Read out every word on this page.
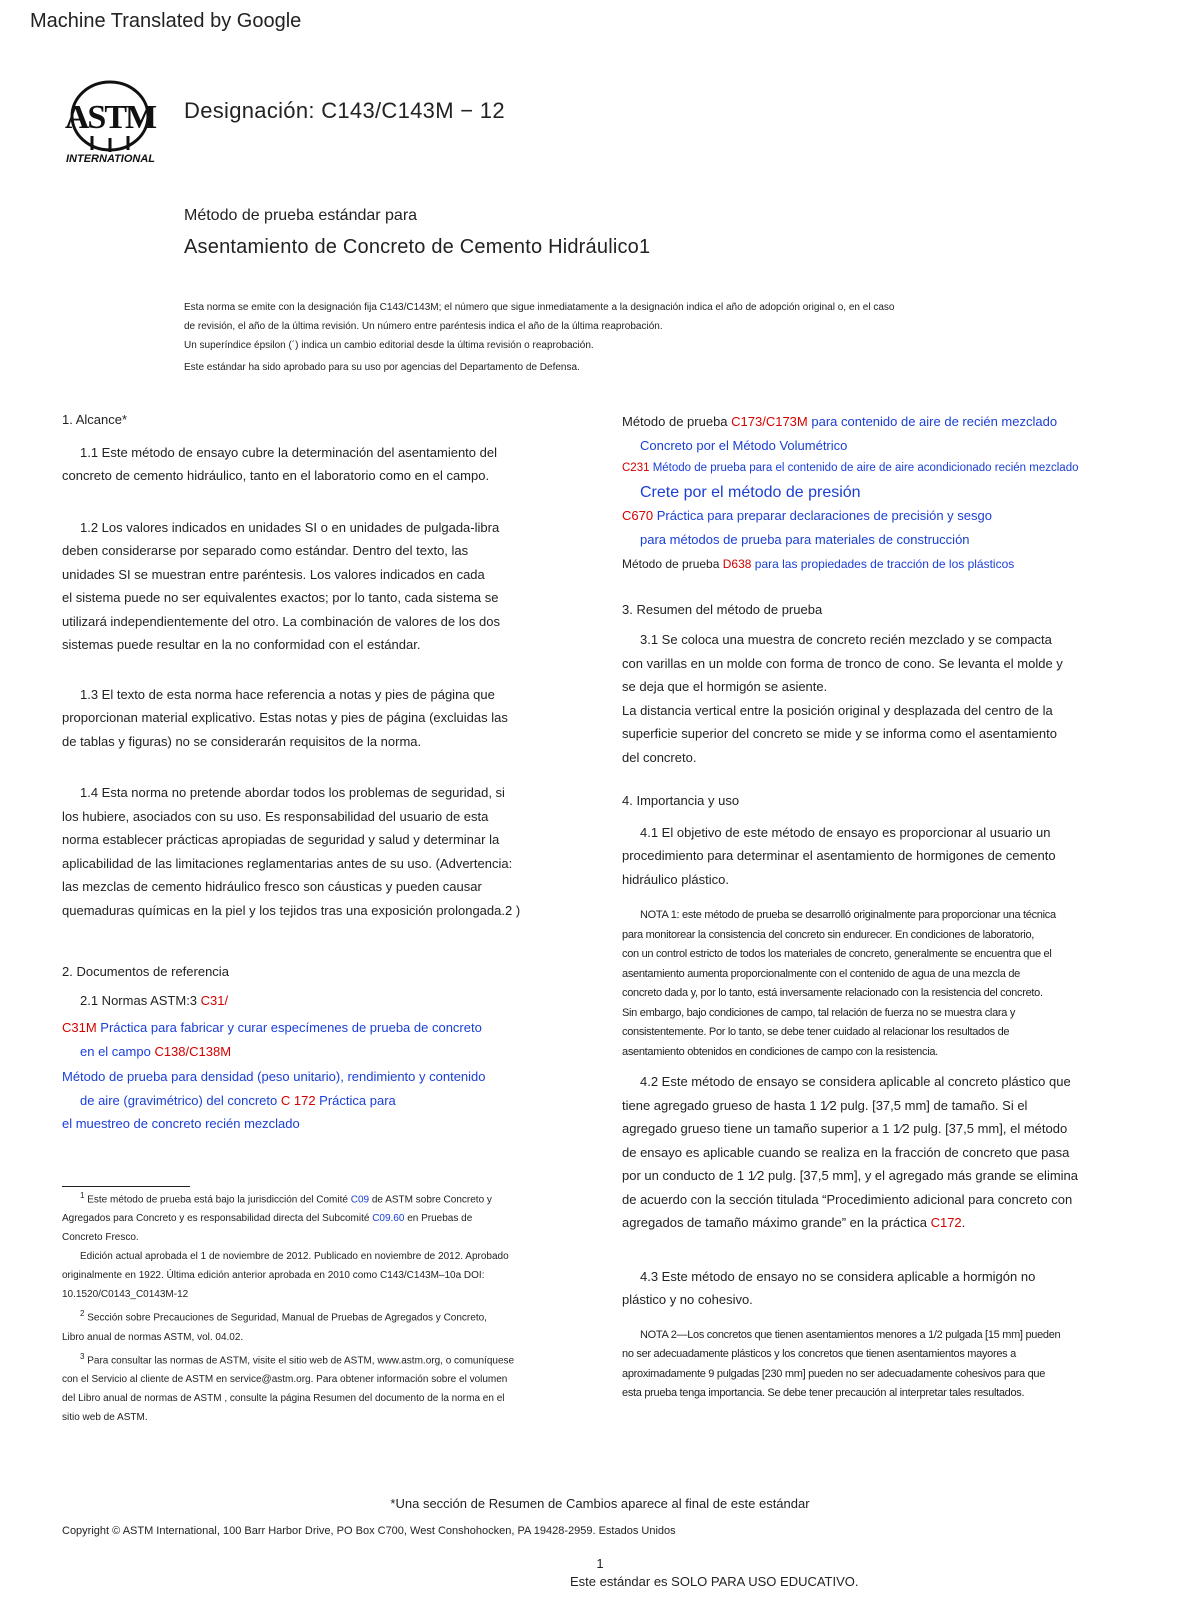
Machine Translated by Google
ASTM
INTERNATIONAL
Designación: C143/C143M − 12
Método de prueba estándar para
Asentamiento de Concreto de Cemento Hidráulico1
Esta norma se emite con la designación fija C143/C143M; el número que sigue inmediatamente a la designación indica el año de adopción original o, en el caso
de revisión, el año de la última revisión. Un número entre paréntesis indica el año de la última reaprobación.
Un superíndice épsilon (´) indica un cambio editorial desde la última revisión o reaprobación.
Este estándar ha sido aprobado para su uso por agencias del Departamento de Defensa.

1. Alcance*

1.1 Este método de ensayo cubre la determinación del asentamiento del

concreto de cemento hidráulico, tanto en el laboratorio como en el campo.

1.2 Los valores indicados en unidades SI o en unidades de pulgada-libra

deben considerarse por separado como estándar. Dentro del texto, las

unidades SI se muestran entre paréntesis. Los valores indicados en cada

el sistema puede no ser equivalentes exactos; por lo tanto, cada sistema se

utilizará independientemente del otro. La combinación de valores de los dos

sistemas puede resultar en la no conformidad con el estándar.

1.3 El texto de esta norma hace referencia a notas y pies de página que

proporcionan material explicativo. Estas notas y pies de página (excluidas las

de tablas y figuras) no se considerarán requisitos de la norma.

1.4 Esta norma no pretende abordar todos los problemas de seguridad, si

los hubiere, asociados con su uso. Es responsabilidad del usuario de esta

norma establecer prácticas apropiadas de seguridad y salud y determinar la

aplicabilidad de las limitaciones reglamentarias antes de su uso. (Advertencia:

las mezclas de cemento hidráulico fresco son cáusticas y pueden causar

quemaduras químicas en la piel y los tejidos tras una exposición prolongada.2 )

2. Documentos de referencia

2.1 Normas ASTM:3 C31/

C31M Práctica para fabricar y curar especímenes de prueba de concreto

en el campo C138/C138M

Método de prueba para densidad (peso unitario), rendimiento y contenido

de aire (gravimétrico) del concreto C 172 Práctica para

el muestreo de concreto recién mezclado

$^1$ Este método de prueba está bajo la jurisdicción del Comité C09 de ASTM sobre Concreto y

Agregados para Concreto y es responsabilidad directa del Subcomité C09.60 en Pruebas de

Concreto Fresco.

Edición actual aprobada el 1 de noviembre de 2012. Publicado en noviembre de 2012. Aprobado

originalmente en 1922. Última edición anterior aprobada en 2010 como C143/C143M–10a DOI:

10.1520/C0143_C0143M-12

$^2$ Sección sobre Precauciones de Seguridad, Manual de Pruebas de Agregados y Concreto,

Libro anual de normas ASTM, vol. 04.02.

$^3$ Para consultar las normas de ASTM, visite el sitio web de ASTM, www.astm.org, o comuníquese

con el Servicio al cliente de ASTM en service@astm.org. Para obtener información sobre el volumen

del Libro anual de normas de ASTM , consulte la página Resumen del documento de la norma en el

sitio web de ASTM.

Método de prueba C173/C173M para contenido de aire de recién mezclado

Concreto por el Método Volumétrico

C231 Método de prueba para el contenido de aire de aire acondicionado recién mezclado

Crete por el método de presión

C670 Práctica para preparar declaraciones de precisión y sesgo

para métodos de prueba para materiales de construcción

Método de prueba D638 para las propiedades de tracción de los plásticos

3. Resumen del método de prueba

3.1 Se coloca una muestra de concreto recién mezclado y se compacta

con varillas en un molde con forma de tronco de cono. Se levanta el molde y

se deja que el hormigón se asiente.

La distancia vertical entre la posición original y desplazada del centro de la

superficie superior del concreto se mide y se informa como el asentamiento

del concreto.

4. Importancia y uso

4.1 El objetivo de este método de ensayo es proporcionar al usuario un

procedimiento para determinar el asentamiento de hormigones de cemento

hidráulico plástico.

NOTA 1: este método de prueba se desarrolló originalmente para proporcionar una técnica

para monitorear la consistencia del concreto sin endurecer. En condiciones de laboratorio,

con un control estricto de todos los materiales de concreto, generalmente se encuentra que el

asentamiento aumenta proporcionalmente con el contenido de agua de una mezcla de

concreto dada y, por lo tanto, está inversamente relacionado con la resistencia del concreto.

Sin embargo, bajo condiciones de campo, tal relación de fuerza no se muestra clara y

consistentemente. Por lo tanto, se debe tener cuidado al relacionar los resultados de

asentamiento obtenidos en condiciones de campo con la resistencia.

4.2 Este método de ensayo se considera aplicable al concreto plástico que

tiene agregado grueso de hasta 1 1⁄2 pulg. [37,5 mm] de tamaño. Si el

agregado grueso tiene un tamaño superior a 1 1⁄2 pulg. [37,5 mm], el método

de ensayo es aplicable cuando se realiza en la fracción de concreto que pasa

por un conducto de 1 1⁄2 pulg. [37,5 mm], y el agregado más grande se elimina

de acuerdo con la sección titulada “Procedimiento adicional para concreto con

agregados de tamaño máximo grande” en la práctica C172.

4.3 Este método de ensayo no se considera aplicable a hormigón no

plástico y no cohesivo.

NOTA 2—Los concretos que tienen asentamientos menores a 1/2 pulgada [15 mm] pueden

no ser adecuadamente plásticos y los concretos que tienen asentamientos mayores a

aproximadamente 9 pulgadas [230 mm] pueden no ser adecuadamente cohesivos para que

esta prueba tenga importancia. Se debe tener precaución al interpretar tales resultados.

*Una sección de Resumen de Cambios aparece al final de este estándar
Copyright © ASTM International, 100 Barr Harbor Drive, PO Box C700, West Conshohocken, PA 19428-2959. Estados Unidos
1
Este estándar es SOLO PARA USO EDUCATIVO.
